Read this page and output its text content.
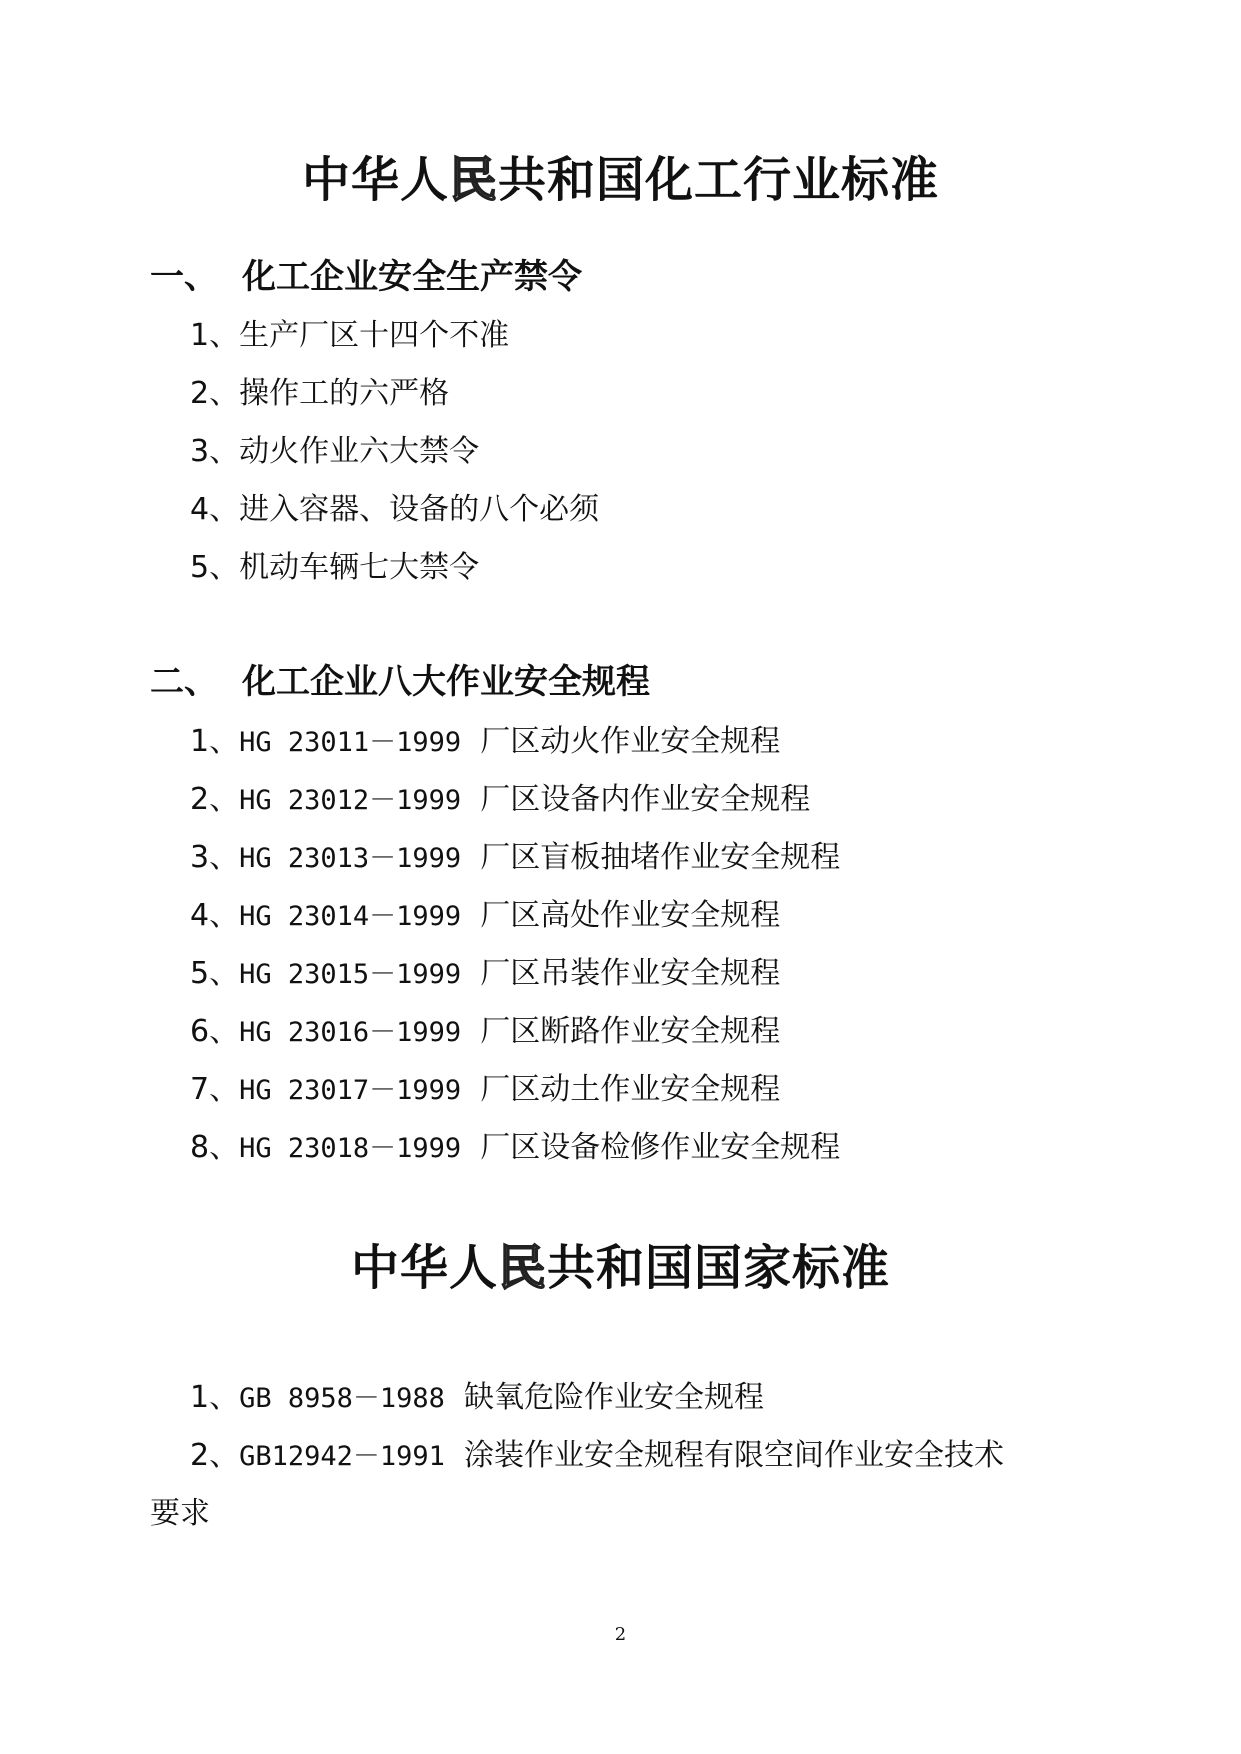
中华人民共和国化工行业标准
一、 化工企业安全生产禁令
1、生产厂区十四个不准
2、操作工的六严格
3、动火作业六大禁令
4、进入容器、设备的八个必须
5、机动车辆七大禁令
二、 化工企业八大作业安全规程
1、HG 23011－1999 厂区动火作业安全规程
2、HG 23012－1999 厂区设备内作业安全规程
3、HG 23013－1999 厂区盲板抽堵作业安全规程
4、HG 23014－1999 厂区高处作业安全规程
5、HG 23015－1999 厂区吊装作业安全规程
6、HG 23016－1999 厂区断路作业安全规程
7、HG 23017－1999 厂区动土作业安全规程
8、HG 23018－1999 厂区设备检修作业安全规程
中华人民共和国国家标准
1、GB 8958－1988 缺氧危险作业安全规程
2、GB12942－1991 涂装作业安全规程有限空间作业安全技术
要求
2
